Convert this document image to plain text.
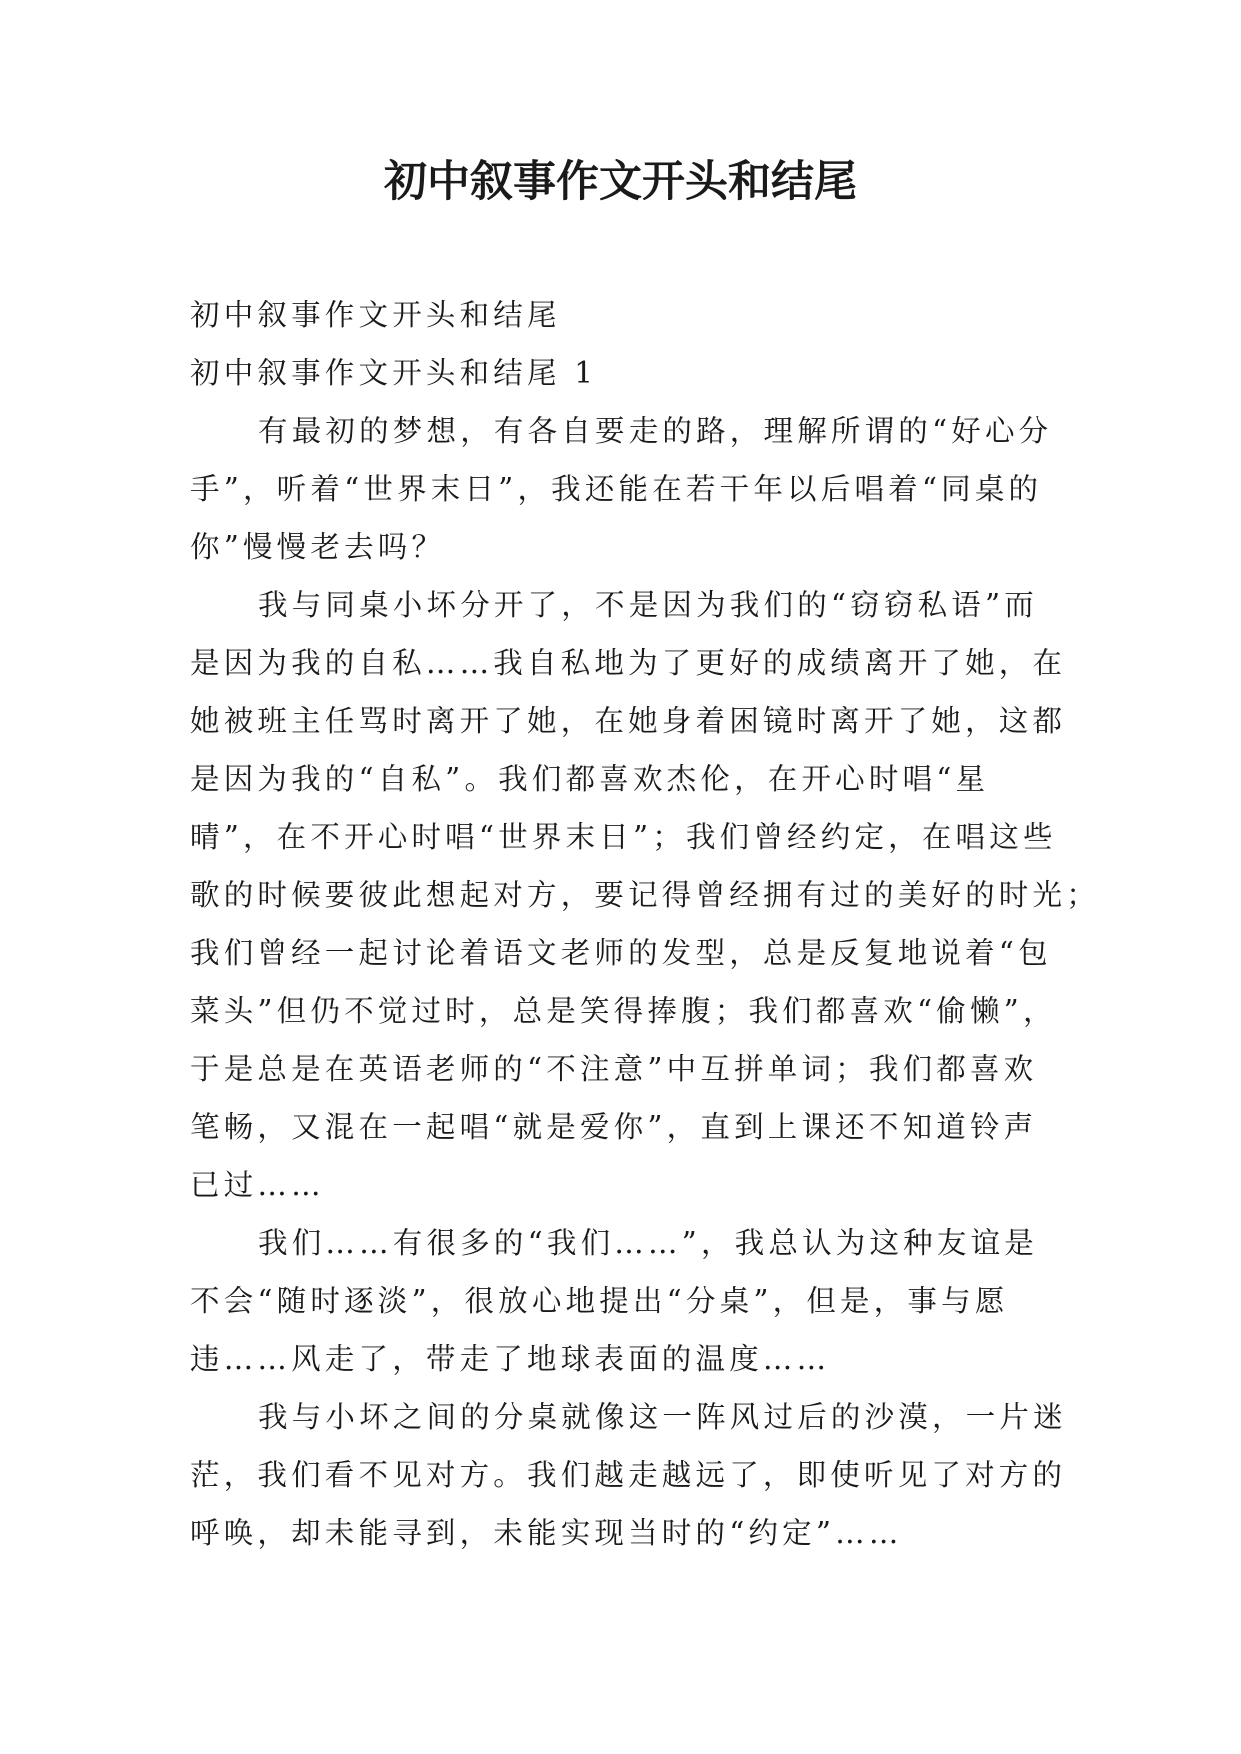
初中叙事作文开头和结尾

初中叙事作文开头和结尾

初中叙事作文开头和结尾 1

有最初的梦想，有各自要走的路，理解所谓的“好心分

手”，听着“世界末日”，我还能在若干年以后唱着“同桌的

你”慢慢老去吗？

我与同桌小坏分开了，不是因为我们的“窃窃私语”而

是因为我的自私……我自私地为了更好的成绩离开了她，在

她被班主任骂时离开了她，在她身着困镜时离开了她，这都

是因为我的“自私”。我们都喜欢杰伦，在开心时唱“星

晴”，在不开心时唱“世界末日”；我们曾经约定，在唱这些

歌的时候要彼此想起对方，要记得曾经拥有过的美好的时光；

我们曾经一起讨论着语文老师的发型，总是反复地说着“包

菜头”但仍不觉过时，总是笑得捧腹；我们都喜欢“偷懒”，

于是总是在英语老师的“不注意”中互拼单词；我们都喜欢

笔畅，又混在一起唱“就是爱你”，直到上课还不知道铃声

已过……

我们……有很多的“我们……”，我总认为这种友谊是

不会“随时逐淡”，很放心地提出“分桌”，但是，事与愿

违……风走了，带走了地球表面的温度……

我与小坏之间的分桌就像这一阵风过后的沙漠，一片迷

茫，我们看不见对方。我们越走越远了，即使听见了对方的

呼唤，却未能寻到，未能实现当时的“约定”……
